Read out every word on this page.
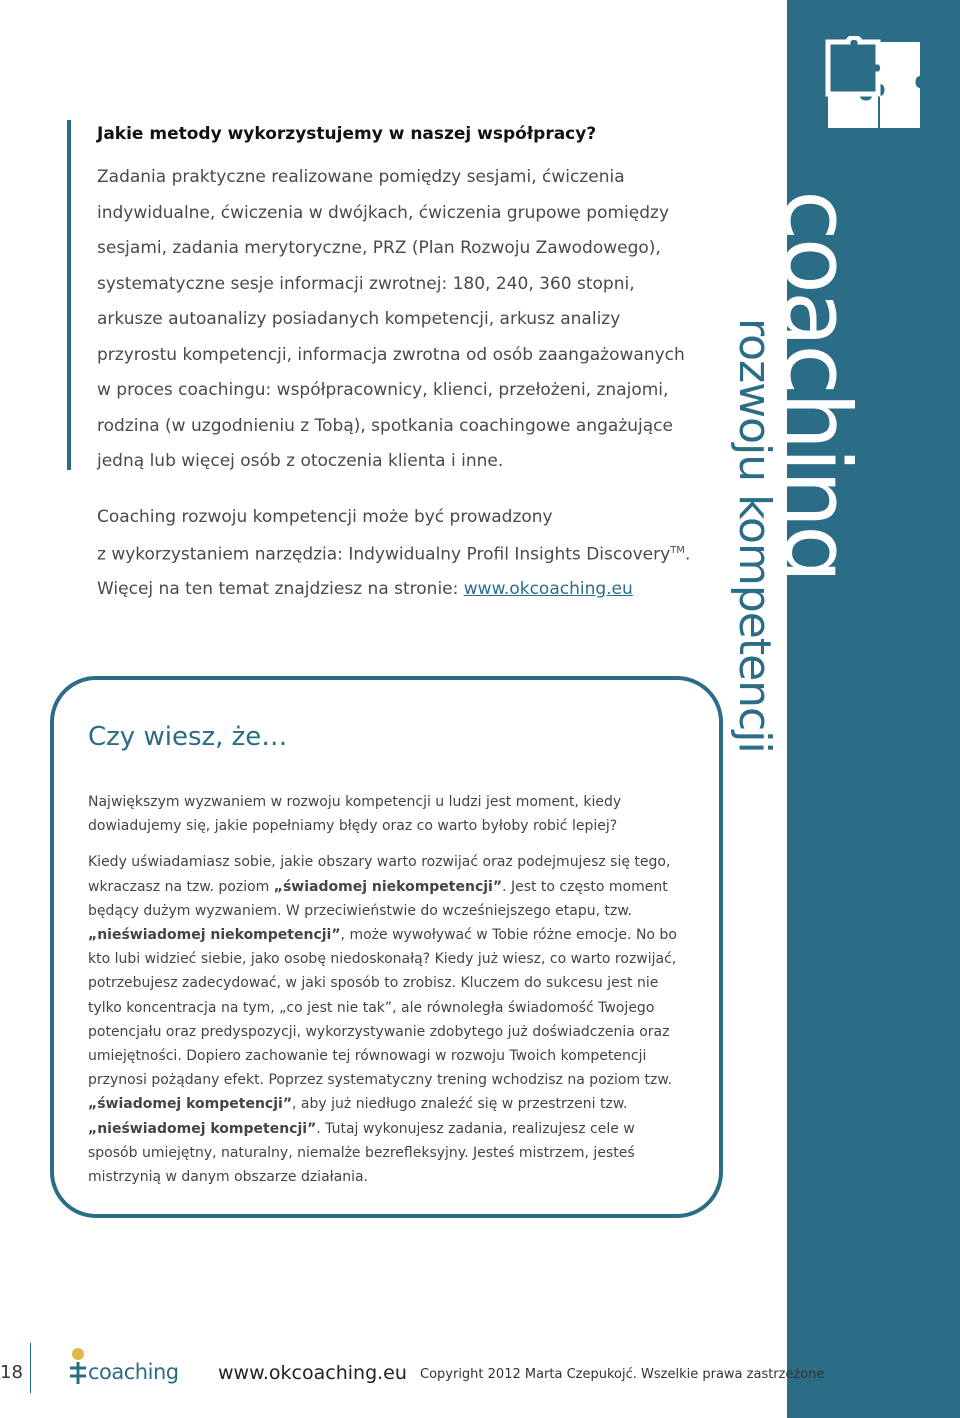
coaching
rozwoju kompetencji
Jakie metody wykorzystujemy w naszej współpracy?

Zadania praktyczne realizowane pomiędzy sesjami, ćwiczenia

indywidualne, ćwiczenia w dwójkach, ćwiczenia grupowe pomiędzy

sesjami, zadania merytoryczne, PRZ (Plan Rozwoju Zawodowego),

systematyczne sesje informacji zwrotnej: 180, 240, 360 stopni,

arkusze autoanalizy posiadanych kompetencji, arkusz analizy

przyrostu kompetencji, informacja zwrotna od osób zaangażowanych

w proces coachingu: współpracownicy, klienci, przełożeni, znajomi,

rodzina (w uzgodnieniu z Tobą), spotkania coachingowe angażujące

jedną lub więcej osób z otoczenia klienta i inne.

Coaching rozwoju kompetencji może być prowadzony

z wykorzystaniem narzędzia: Indywidualny Profil Insights Discovery™.

Więcej na ten temat znajdziesz na stronie: www.okcoaching.eu

Czy wiesz, że…

Największym wyzwaniem w rozwoju kompetencji u ludzi jest moment, kiedy dowiadujemy się, jakie popełniamy błędy oraz co warto byłoby robić lepiej?

Kiedy uświadamiasz sobie, jakie obszary warto rozwijać oraz podejmujesz się tego, wkraczasz na tzw. poziom „świadomej niekompetencji”. Jest to często moment będący dużym wyzwaniem. W przeciwieństwie do wcześniejszego etapu, tzw. „nieświadomej niekompetencji”, może wywoływać w Tobie różne emocje. No bo kto lubi widzieć siebie, jako osobę niedoskonałą? Kiedy już wiesz, co warto rozwijać, potrzebujesz zadecydować, w jaki sposób to zrobisz. Kluczem do sukcesu jest nie tylko koncentracja na tym, „co jest nie tak”, ale równoległa świadomość Twojego potencjału oraz predyspozycji, wykorzystywanie zdobytego już doświadczenia oraz umiejętności. Dopiero zachowanie tej równowagi w rozwoju Twoich kompetencji przynosi pożądany efekt. Poprzez systematyczny trening wchodzisz na poziom tzw. „świadomej kompetencji”, aby już niedługo znaleźć się w przestrzeni tzw. „nieświadomej kompetencji”. Tutaj wykonujesz zadania, realizujesz cele w sposób umiejętny, naturalny, niemalże bezrefleksyjny. Jesteś mistrzem, jesteś mistrzynią w danym obszarze działania.

18	coaching www.okcoaching.eu Copyright 2012 Marta Czepukojć. Wszelkie prawa zastrzeżone
